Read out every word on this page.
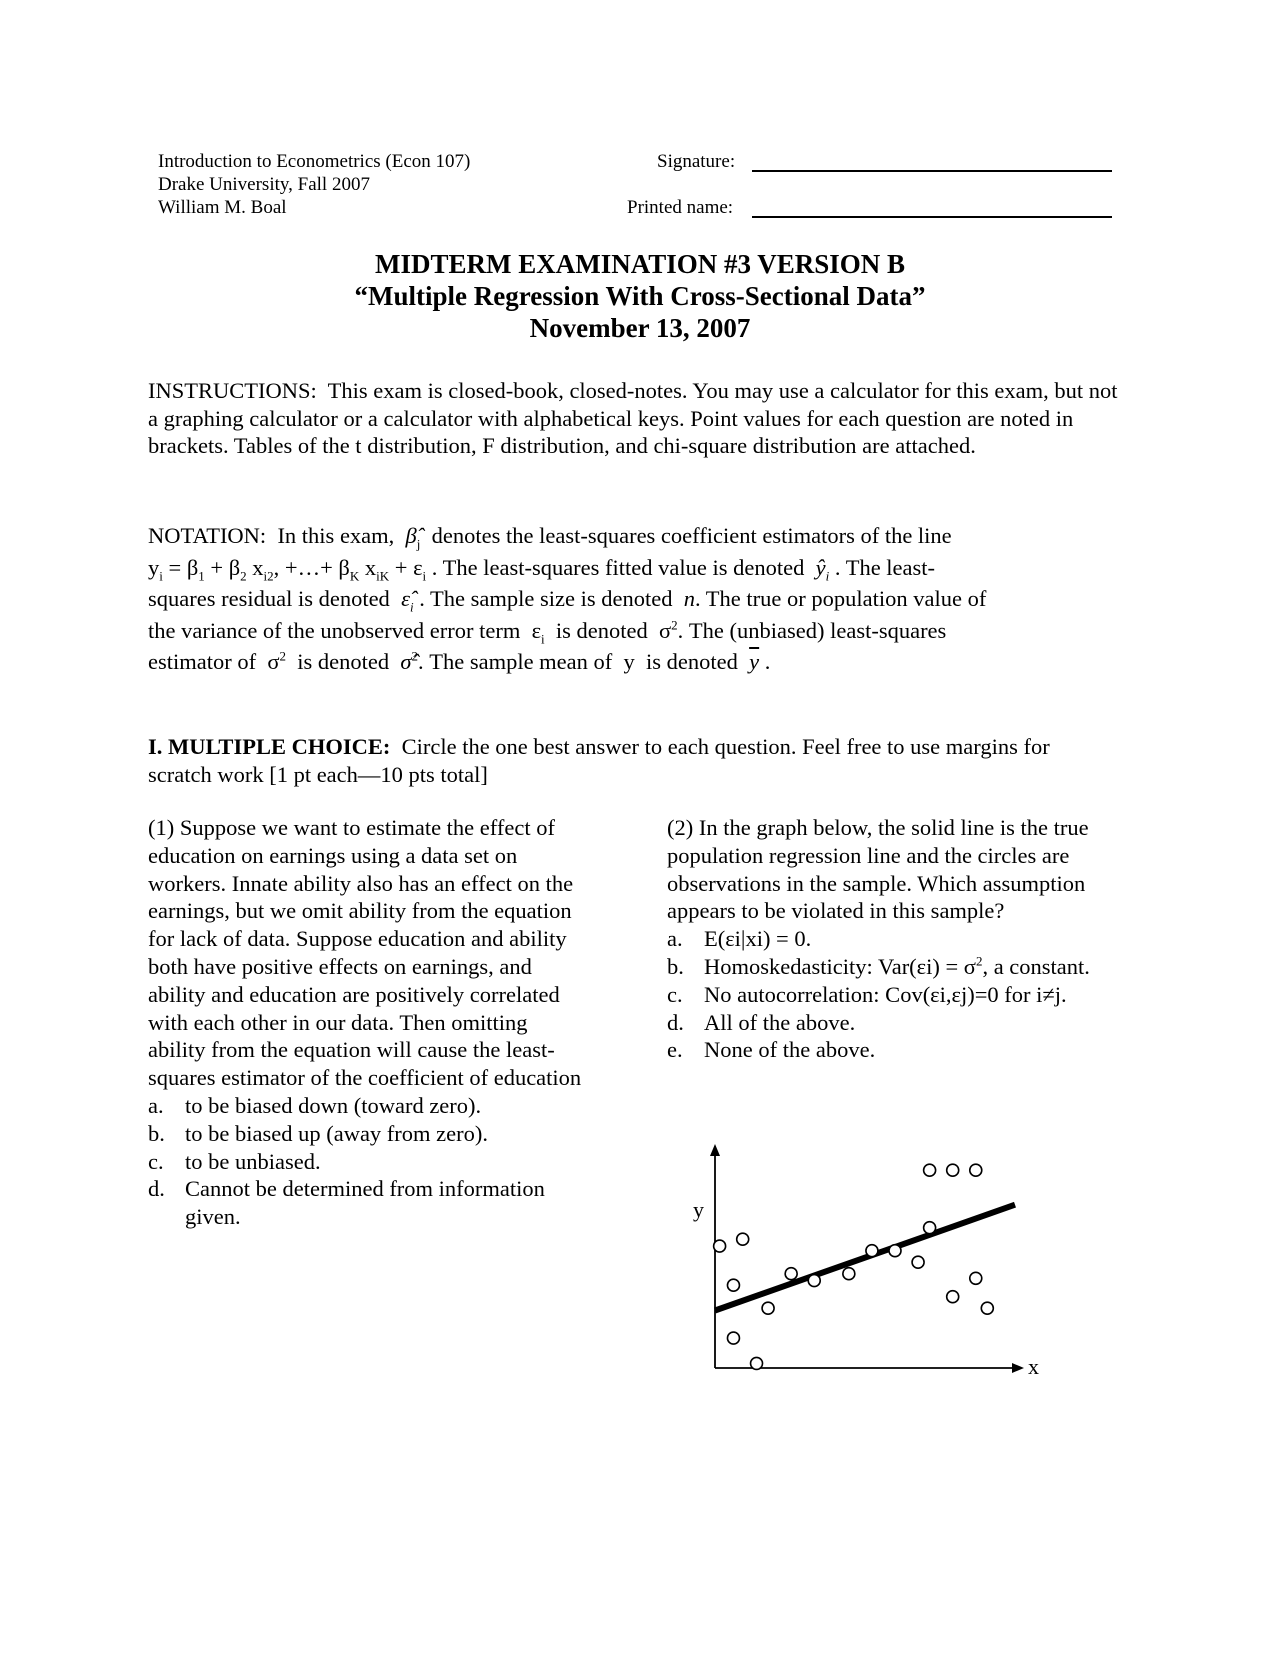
Introduction to Econometrics (Econ 107)
Drake University, Fall 2007
William M. Boal
Signature:
Printed name:
MIDTERM EXAMINATION #3 VERSION B
“Multiple Regression With Cross-Sectional Data”
November 13, 2007

INSTRUCTIONS: This exam is closed-book, closed-notes. You may use a calculator for this exam, but not a graphing calculator or a calculator with alphabetical keys. Point values for each question are noted in brackets. Tables of the t distribution, F distribution, and chi-square distribution are attached.

NOTATION: In this exam, $\betâ_j$ denotes the least-squares coefficient estimators of the line
$y_i = \beta_1 + \beta_2$ $x_{i2}$, +…+ $\beta_K$ $x_{iK} + \varepsilon_i$ . The least-squares fitted value is denoted $ŷ_i$ . The least-
squares residual is denoted $\varepsilon̂_i$ . The sample size is denoted n. The true or population value of
the variance of the unobserved error term  $\varepsilon_i$ is denoted  $\sigma^2$. The (unbiased) least-squares
estimator of  $\sigma^2$ is denoted σ̂$^2$. The sample mean of y is denoted $\overline{y}$ .

I. MULTIPLE CHOICE: Circle the one best answer to each question. Feel free to use margins for scratch work [1 pt each—10 pts total]

(1) Suppose we want to estimate the effect of education on earnings using a data set on workers. Innate ability also has an effect on the earnings, but we omit ability from the equation for lack of data. Suppose education and ability both have positive effects on earnings, and ability and education are positively correlated with each other in our data. Then omitting ability from the equation will cause the least-squares estimator of the coefficient of education

a. to be biased down (toward zero).
b. to be biased up (away from zero).
c. to be unbiased.
d. Cannot be determined from information given.

(2) In the graph below, the solid line is the true population regression line and the circles are observations in the sample. Which assumption appears to be violated in this sample?

a. E(εi|xi) = 0.
b. Homoskedasticity: $Var(\varepsilon i) = \sigma^2$, a constant.
c. No autocorrelation: Cov(εi,εj)=0 for i≠j.
d. All of the above.
e. None of the above.
y
x
